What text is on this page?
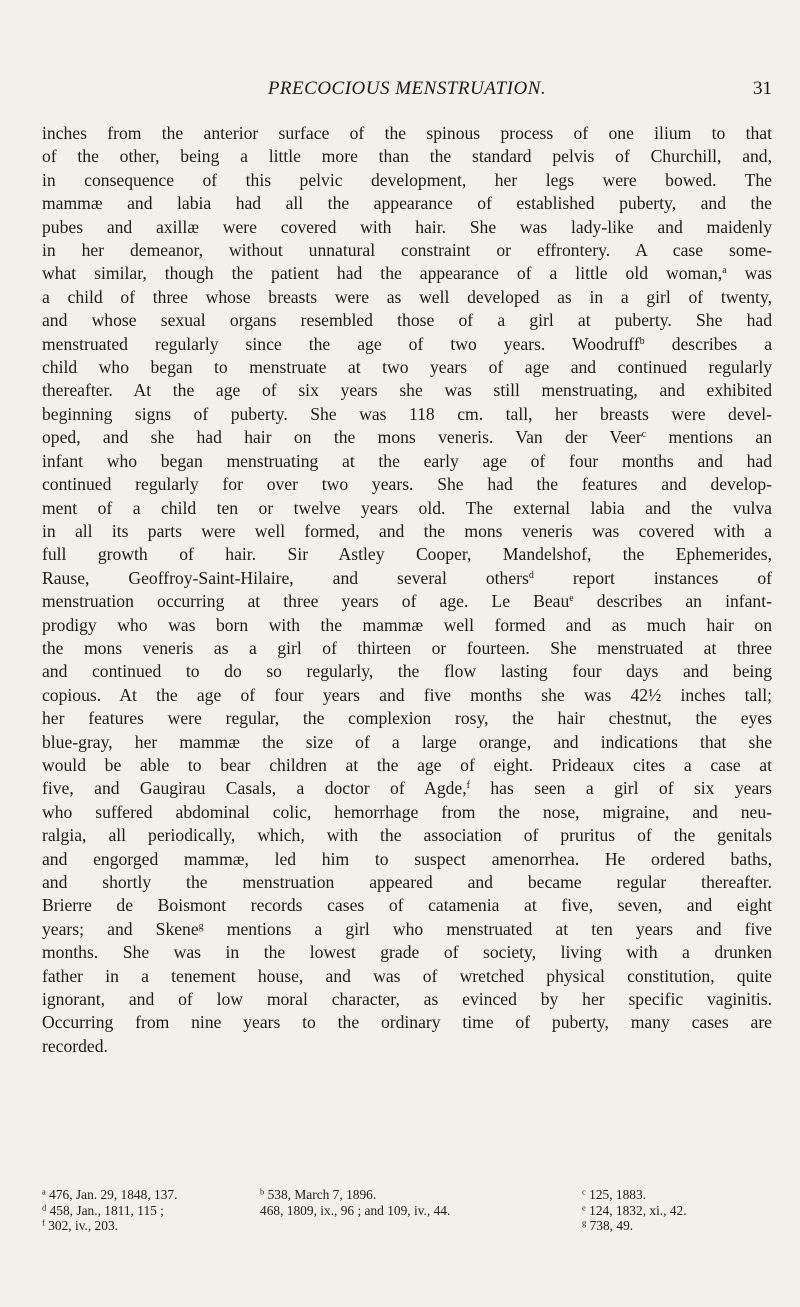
PRECOCIOUS MENSTRUATION.	31
inches from the anterior surface of the spinous process of one ilium to that
of the other, being a little more than the standard pelvis of Churchill, and,
in consequence of this pelvic development, her legs were bowed. The
mammæ and labia had all the appearance of established puberty, and the
pubes and axillæ were covered with hair. She was lady-like and maidenly
in her demeanor, without unnatural constraint or effrontery. A case some-
what similar, though the patient had the appearance of a little old woman,$^a$ was
a child of three whose breasts were as well developed as in a girl of twenty,
and whose sexual organs resembled those of a girl at puberty. She had
menstruated regularly since the age of two years. Woodruff$^b$ describes a
child who began to menstruate at two years of age and continued regularly
thereafter. At the age of six years she was still menstruating, and exhibited
beginning signs of puberty. She was 118 cm. tall, her breasts were devel-
oped, and she had hair on the mons veneris. Van der Veer$^c$ mentions an
infant who began menstruating at the early age of four months and had
continued regularly for over two years. She had the features and develop-
ment of a child ten or twelve years old. The external labia and the vulva
in all its parts were well formed, and the mons veneris was covered with a
full growth of hair. Sir Astley Cooper, Mandelshof, the Ephemerides,
Rause, Geoffroy-Saint-Hilaire, and several others$^d$ report instances of
menstruation occurring at three years of age. Le Beau$^e$ describes an infant-
prodigy who was born with the mammæ well formed and as much hair on
the mons veneris as a girl of thirteen or fourteen. She menstruated at three
and continued to do so regularly, the flow lasting four days and being
copious. At the age of four years and five months she was 42½ inches tall;
her features were regular, the complexion rosy, the hair chestnut, the eyes
blue-gray, her mammæ the size of a large orange, and indications that she
would be able to bear children at the age of eight. Prideaux cites a case at
five, and Gaugirau Casals, a doctor of Agde,$^f$ has seen a girl of six years
who suffered abdominal colic, hemorrhage from the nose, migraine, and neu-
ralgia, all periodically, which, with the association of pruritus of the genitals
and engorged mammæ, led him to suspect amenorrhea. He ordered baths,
and shortly the menstruation appeared and became regular thereafter.
Brierre de Boismont records cases of catamenia at five, seven, and eight
years; and Skene$^g$ mentions a girl who menstruated at ten years and five
months. She was in the lowest grade of society, living with a drunken
father in a tenement house, and was of wretched physical constitution, quite
ignorant, and of low moral character, as evinced by her specific vaginitis.
Occurring from nine years to the ordinary time of puberty, many cases are
recorded.
$^a$ 476, Jan. 29, 1848, 137.
$^d$ 458, Jan., 1811, 115 ;
$^f$ 302, iv., 203.
$^b$ 538, March 7, 1896.
468, 1809, ix., 96 ; and 109, iv., 44.
$^c$ 125, 1883.
$^e$ 124, 1832, xi., 42.
$^g$ 738, 49.
